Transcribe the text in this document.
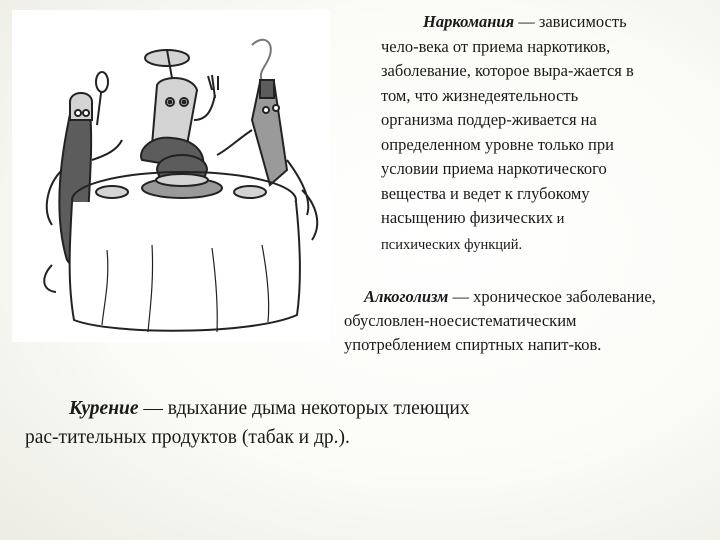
Наркомания — зависимость
чело-века от приема наркотиков,
заболевание, которое выра-жается в
том, что жизнедеятельность
организма поддер-живается на
определенном уровне только при
условии приема наркотического
вещества и ведет к глубокому
насыщению физических и
психических функций.

Алкоголизм — хроническое заболевание,
обусловлен-ноесистематическим
употреблением спиртных напит-ков.

Курение — вдыхание дыма некоторых тлеющих
рас-тительных продуктов (табак и др.).
